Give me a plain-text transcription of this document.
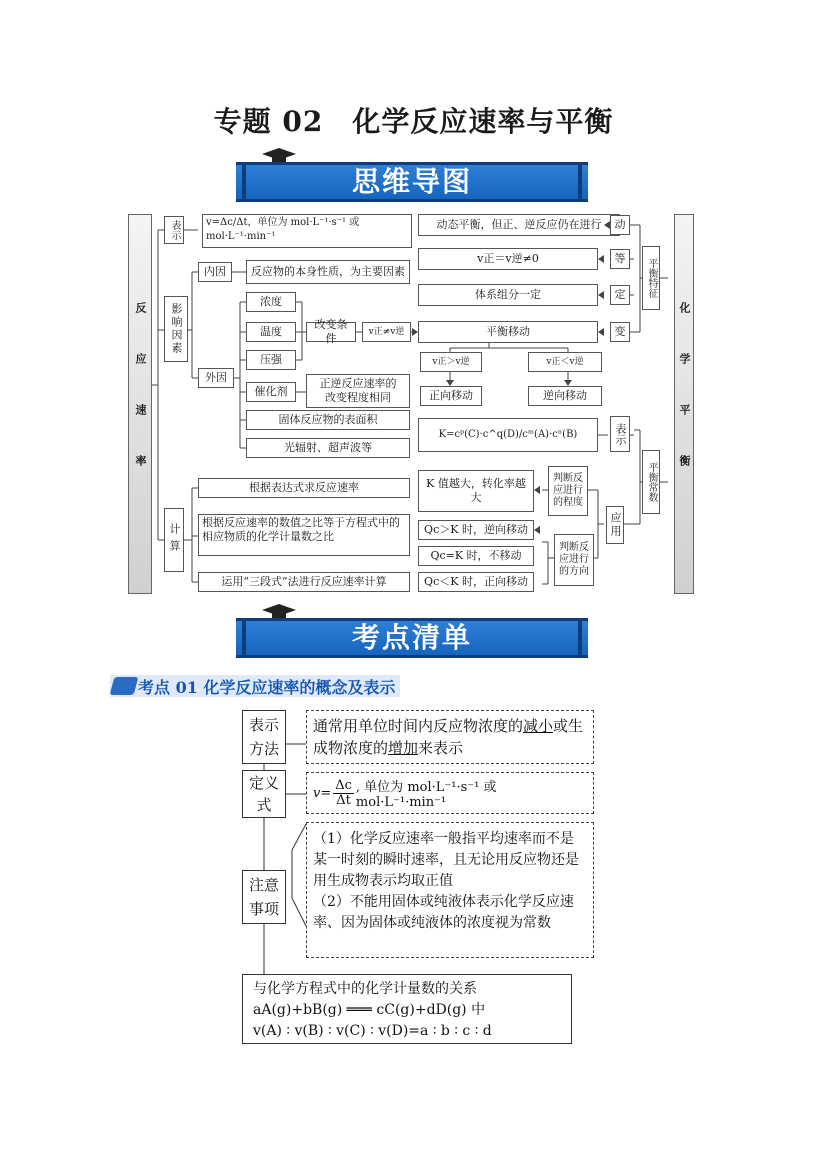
专题 02　化学反应速率与平衡
思维导图
反应速率
表示	v=Δc/Δt，单位为 mol·L⁻¹·s⁻¹ 或
mol·L⁻¹·min⁻¹
影响因素
内因 反应物的本身性质，为主要因素
外因
浓度
温度
压强
催化剂
改变条件	v正≠v逆
正逆反应速率的
改变程度相同
固体反应物的表面积
光辐射、超声波等
计算
根据表达式求反应速率
根据反应速率的数值之比等于方程式中的
相应物质的化学计量数之比
运用“三段式”法进行反应速率计算
动态平衡，但正、逆反应仍在进行
v正＝v逆≠0
体系组分一定
平衡移动
v正＞v逆	v正＜v逆
正向移动	逆向移动
动
等
定
变
平衡特征
化学平衡
K=cᵖ(C)·c^q(D)/cᵐ(A)·cⁿ(B)	表示
平衡常数
K 值越大，转化率越大
判断反应进行的程度
Qc＞K 时，逆向移动
Qc=K 时，不移动
Qc＜K 时，正向移动
判断反应进行的方向
应用
考点清单
考点 01 化学反应速率的概念及表示
表示方法
通常用单位时间内反应物浓度的减小或生成物浓度的增加来表示
定义式
$v= \frac{\Delta c}{\Delta t}$ , 单位为 mol·L⁻¹·s⁻¹ 或 mol·L⁻¹·min⁻¹
注意事项
（1）化学反应速率一般指平均速率而不是某一时刻的瞬时速率，且无论用反应物还是用生成物表示均取正值
（2）不能用固体或纯液体表示化学反应速率、因为固体或纯液体的浓度视为常数
与化学方程式中的化学计量数的关系
aA(g)+bB(g) ═══ cC(g)+dD(g) 中
v(A) ∶ v(B) ∶ v(C) ∶ v(D)=a ∶ b ∶ c ∶ d
